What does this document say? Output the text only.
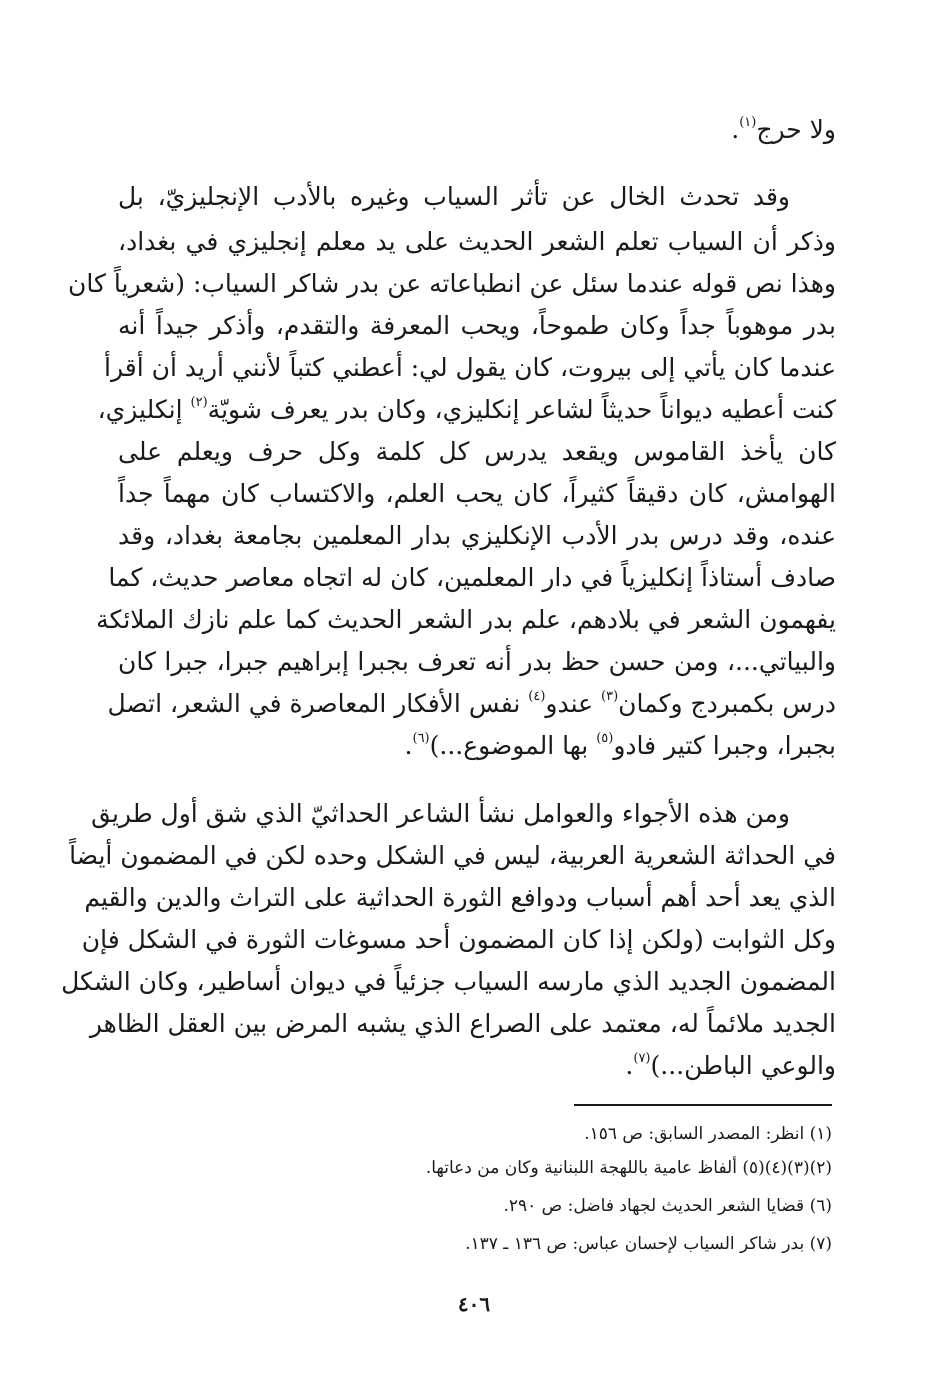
ولا حرج$^{(١)}$.
وقد تحدث الخال عن تأثر السياب وغيره بالأدب الإنجليزيّ، بل
وذكر أن السياب تعلم الشعر الحديث على يد معلم إنجليزي في بغداد،
وهذا نص قوله عندما سئل عن انطباعاته عن بدر شاكر السياب: (شعرياً كان
بدر موهوباً جداً وكان طموحاً، ويحب المعرفة والتقدم، وأذكر جيداً أنه
عندما كان يأتي إلى بيروت، كان يقول لي: أعطني كتباً لأنني أريد أن أقرأ
كنت أعطيه ديواناً حديثاً لشاعر إنكليزي، وكان بدر يعرف شويّة$^{(٢)}$ إنكليزي،
كان يأخذ القاموس ويقعد يدرس كل كلمة وكل حرف ويعلم على
الهوامش، كان دقيقاً كثيراً، كان يحب العلم، والاكتساب كان مهماً جداً
عنده، وقد درس بدر الأدب الإنكليزي بدار المعلمين بجامعة بغداد، وقد
صادف أستاذاً إنكليزياً في دار المعلمين، كان له اتجاه معاصر حديث، كما
يفهمون الشعر في بلادهم، علم بدر الشعر الحديث كما علم نازك الملائكة
والبياتي...، ومن حسن حظ بدر أنه تعرف بجبرا إبراهيم جبرا، جبرا كان
درس بكمبردج وكمان$^{(٣)}$ عندو$^{(٤)}$ نفس الأفكار المعاصرة في الشعر، اتصل
بجبرا، وجبرا كتير فادو$^{(٥)}$ بها الموضوع...)$^{(٦)}$.
ومن هذه الأجواء والعوامل نشأ الشاعر الحداثيّ الذي شق أول طريق
في الحداثة الشعرية العربية، ليس في الشكل وحده لكن في المضمون أيضاً
الذي يعد أحد أهم أسباب ودوافع الثورة الحداثية على التراث والدين والقيم
وكل الثوابت (ولكن إذا كان المضمون أحد مسوغات الثورة في الشكل فإن
المضمون الجديد الذي مارسه السياب جزئياً في ديوان أساطير، وكان الشكل
الجديد ملائماً له، معتمد على الصراع الذي يشبه المرض بين العقل الظاهر
والوعي الباطن...)$^{(٧)}$.
(١) انظر: المصدر السابق: ص ١٥٦.
(٢)(٣)(٤)(٥) ألفاظ عامية باللهجة اللبنانية وكان من دعاتها.
(٦) قضايا الشعر الحديث لجهاد فاضل: ص ٢٩٠.
(٧) بدر شاكر السياب لإحسان عباس: ص ١٣٦ ـ ١٣٧.
٤٠٦
